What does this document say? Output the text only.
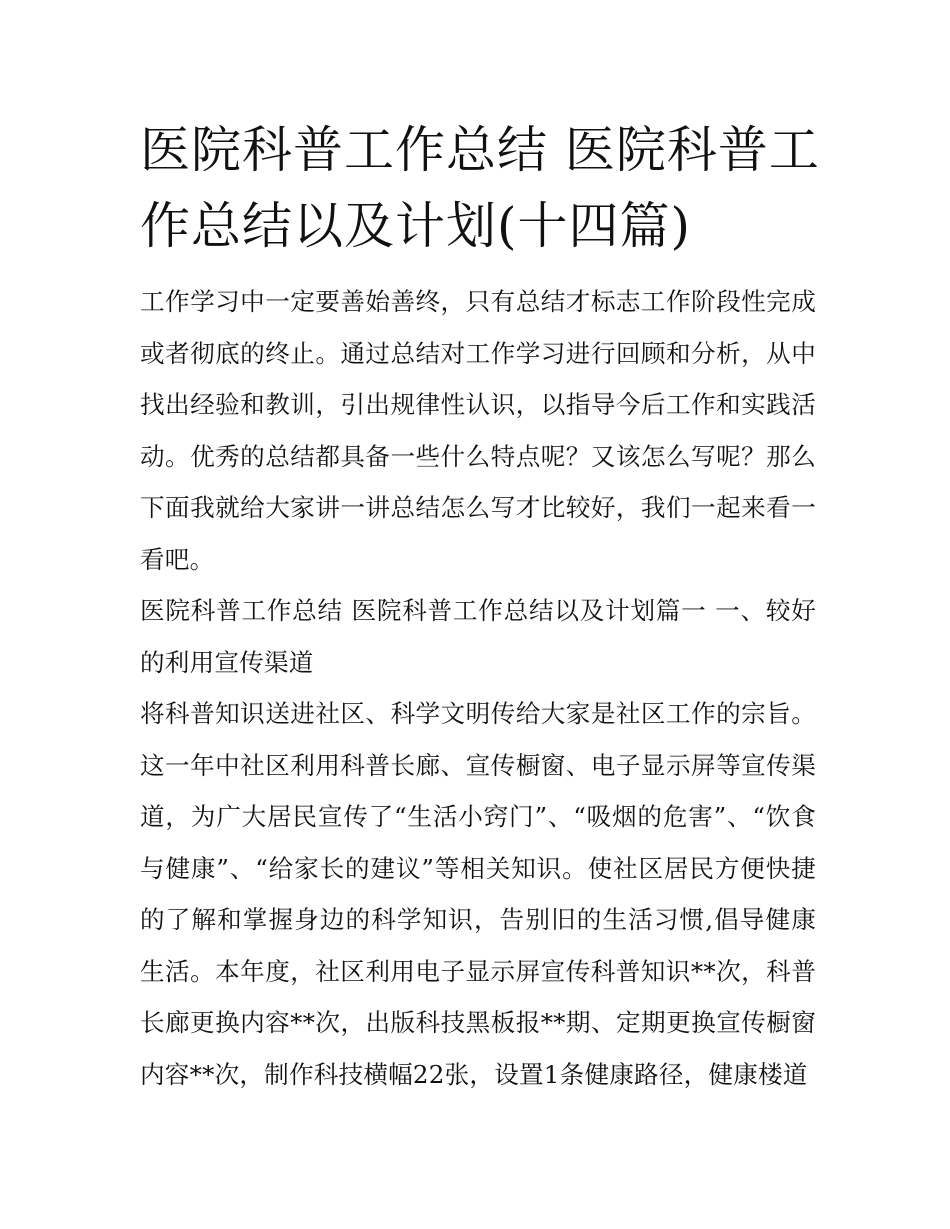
医院科普工作总结 医院科普工作总结以及计划(十四篇)

工作学习中一定要善始善终，只有总结才标志工作阶段性完成或者彻底的终止。通过总结对工作学习进行回顾和分析，从中找出经验和教训，引出规律性认识，以指导今后工作和实践活动。优秀的总结都具备一些什么特点呢？又该怎么写呢？那么下面我就给大家讲一讲总结怎么写才比较好，我们一起来看一看吧。

医院科普工作总结 医院科普工作总结以及计划篇一 一、较好的利用宣传渠道

将科普知识送进社区、科学文明传给大家是社区工作的宗旨。这一年中社区利用科普长廊、宣传橱窗、电子显示屏等宣传渠道，为广大居民宣传了“生活小窍门”、“吸烟的危害”、“饮食与健康”、“给家长的建议”等相关知识。使社区居民方便快捷的了解和掌握身边的科学知识，告别旧的生活习惯,倡导健康生活。本年度，社区利用电子显示屏宣传科普知识**次，科普长廊更换内容**次，出版科技黑板报**期、定期更换宣传橱窗内容**次，制作科技横幅22张，设置1条健康路径，健康楼道
